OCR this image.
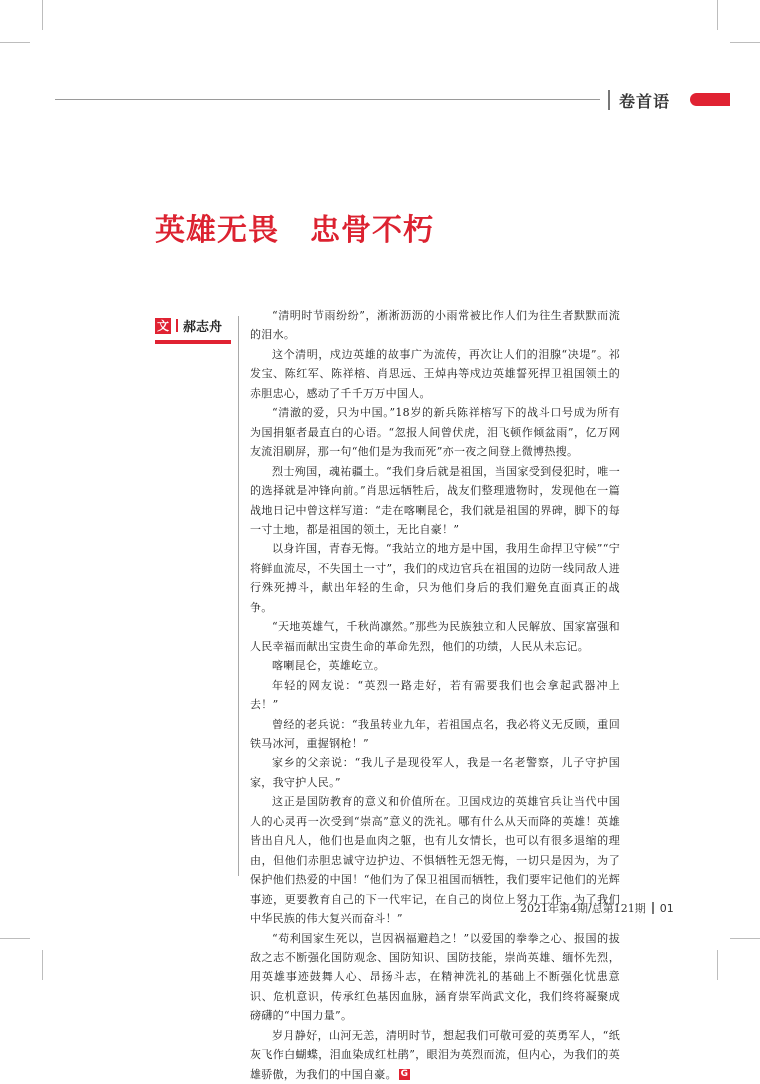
卷首语
英雄无畏　忠骨不朽
文 郝志舟

“清明时节雨纷纷”，淅淅沥沥的小雨常被比作人们为往生者默默而流的泪水。

这个清明，戍边英雄的故事广为流传，再次让人们的泪腺“决堤”。祁发宝、陈红军、陈祥榕、肖思远、王焯冉等戍边英雄誓死捍卫祖国领土的赤胆忠心，感动了千千万万中国人。

“清澈的爱，只为中国。”18岁的新兵陈祥榕写下的战斗口号成为所有为国捐躯者最直白的心语。“忽报人间曾伏虎，泪飞顿作倾盆雨”，亿万网友流泪刷屏，那一句“他们是为我而死”亦一夜之间登上微博热搜。

烈士殉国，魂祐疆土。“我们身后就是祖国，当国家受到侵犯时，唯一的选择就是冲锋向前。”肖思远牺牲后，战友们整理遗物时，发现他在一篇战地日记中曾这样写道：“走在喀喇昆仑，我们就是祖国的界碑，脚下的每一寸土地，都是祖国的领土，无比自豪！”

以身许国，青春无悔。“我站立的地方是中国，我用生命捍卫守候”“宁将鲜血流尽，不失国土一寸”，我们的戍边官兵在祖国的边防一线同敌人进行殊死搏斗，献出年轻的生命，只为他们身后的我们避免直面真正的战争。

“天地英雄气，千秋尚凛然。”那些为民族独立和人民解放、国家富强和人民幸福而献出宝贵生命的革命先烈，他们的功绩，人民从未忘记。

喀喇昆仑，英雄屹立。

年轻的网友说：“英烈一路走好，若有需要我们也会拿起武器冲上去！”

曾经的老兵说：“我虽转业九年，若祖国点名，我必将义无反顾，重回铁马冰河，重握钢枪！”

家乡的父亲说：“我儿子是现役军人，我是一名老警察，儿子守护国家，我守护人民。”

这正是国防教育的意义和价值所在。卫国戍边的英雄官兵让当代中国人的心灵再一次受到“崇高”意义的洗礼。哪有什么从天而降的英雄！英雄皆出自凡人，他们也是血肉之躯，也有儿女情长，也可以有很多退缩的理由，但他们赤胆忠诚守边护边、不惧牺牲无怨无悔，一切只是因为，为了保护他们热爱的中国！“他们为了保卫祖国而牺牲，我们要牢记他们的光辉事迹，更要教育自己的下一代牢记，在自己的岗位上努力工作，为了我们中华民族的伟大复兴而奋斗！”

“苟利国家生死以，岂因祸福避趋之！”以爱国的拳拳之心、报国的拔敌之志不断强化国防观念、国防知识、国防技能，崇尚英雄、缅怀先烈，用英雄事迹鼓舞人心、昂扬斗志，在精神洗礼的基础上不断强化忧患意识、危机意识，传承红色基因血脉，涵育崇军尚武文化，我们终将凝聚成磅礴的“中国力量”。

岁月静好，山河无恙，清明时节，想起我们可敬可爱的英勇军人，“纸灰飞作白蝴蝶，泪血染成红杜鹃”，眼泪为英烈而流，但内心，为我们的英雄骄傲，为我们的中国自豪。 G

2021年第4期/总第121期 01
